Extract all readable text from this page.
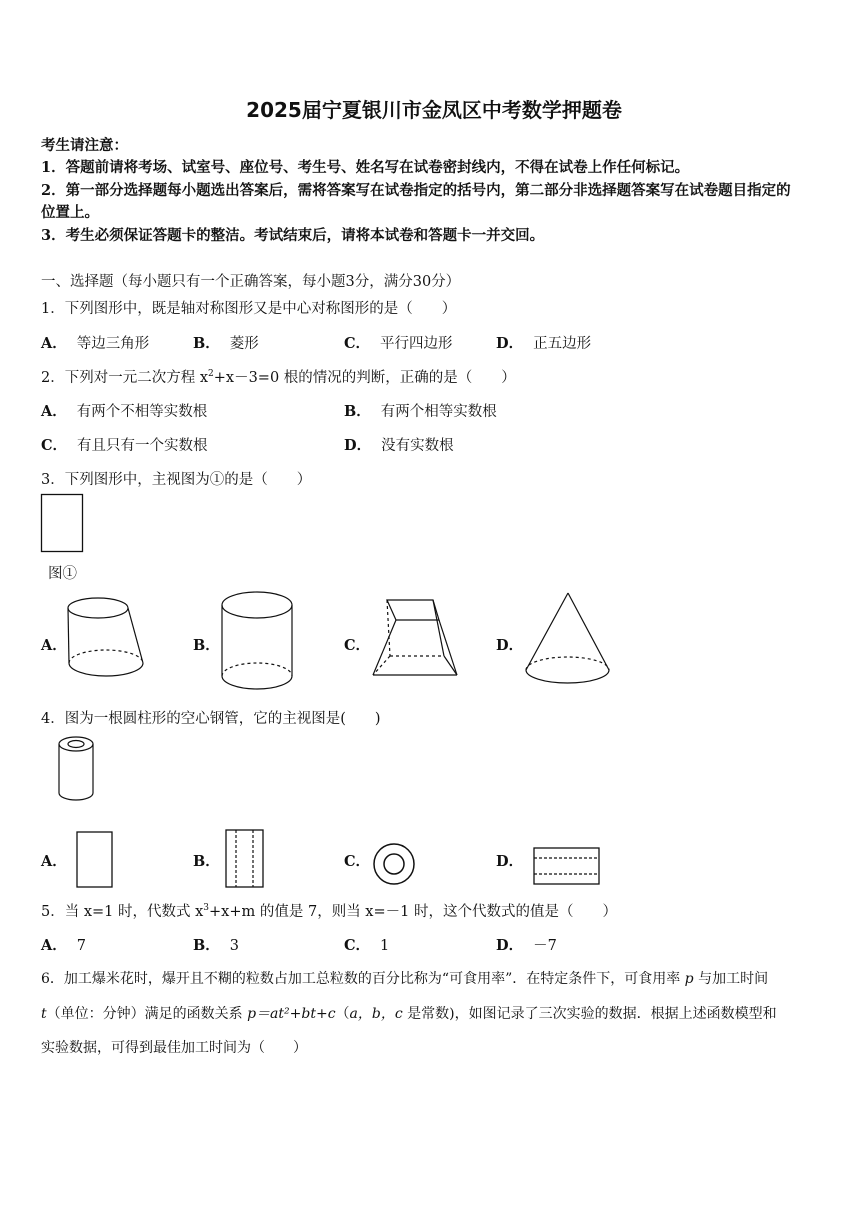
2025届宁夏银川市金凤区中考数学押题卷
考生请注意：
1．答题前请将考场、试室号、座位号、考生号、姓名写在试卷密封线内，不得在试卷上作任何标记。
2．第一部分选择题每小题选出答案后，需将答案写在试卷指定的括号内，第二部分非选择题答案写在试卷题目指定的
位置上。
3．考生必须保证答题卡的整洁。考试结束后，请将本试卷和答题卡一并交回。
一、选择题（每小题只有一个正确答案，每小题3分，满分30分）
1．下列图形中，既是轴对称图形又是中心对称图形的是（　　）
A． 等边三角形	B． 菱形	C． 平行四边形	D． 正五边形
2．下列对一元二次方程 $x^2+x-3=0$ 根的情况的判断，正确的是（　　）
A． 有两个不相等实数根	B． 有两个相等实数根
C． 有且只有一个实数根	D． 没有实数根
3．下列图形中，主视图为①的是（　　）
图①
A．	B．	C．	D．
4．图为一根圆柱形的空心钢管，它的主视图是(　　)
A．	B．	C．	D．
5．当 x=1 时，代数式 $x^3+x+m$ 的值是 7，则当 x=－1 时，这个代数式的值是（　　）
A． 7	B． 3	C． 1	D． －7
6．加工爆米花时，爆开且不糊的粒数占加工总粒数的百分比称为“可食用率”．在特定条件下，可食用率 p 与加工时间
t（单位：分钟）满足的函数关系 p＝at²+bt+c（a，b，c 是常数)，如图记录了三次实验的数据．根据上述函数模型和
实验数据，可得到最佳加工时间为（　　）
